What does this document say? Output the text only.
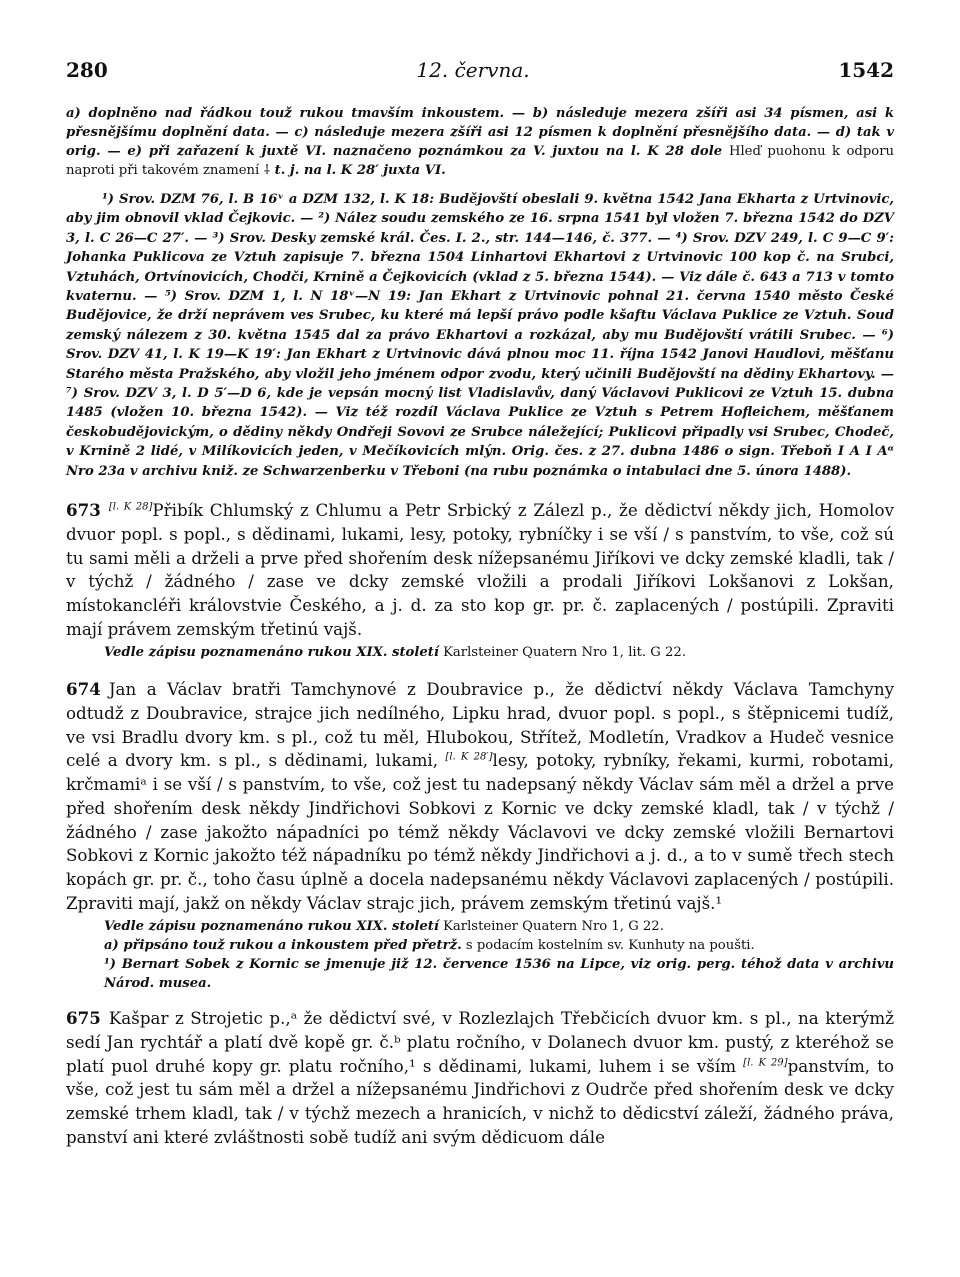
280	12. června.	1542

a) doplněno nad řádkou touž rukou tmavším inkoustem. — b) následuje mezera zšíři asi 34 písmen, asi k přesnějšímu doplnění data. — c) následuje mezera zšíři asi 12 písmen k doplnění přesnějšího data. — d) tak v orig. — e) při zařazení k juxtě VI. naznačeno poznámkou za V. juxtou na l. K 28 dole Hleď puohonu k odporu naproti při takovém znamení ⸸ t. j. na l. K 28′ juxta VI.

¹) Srov. DZM 76, l. B 16ᵛ a DZM 132, l. K 18: Budějovští obeslali 9. května 1542 Jana Ekharta z Urtvinovic, aby jim obnovil vklad Čejkovic. — ²) Nález soudu zemského ze 16. srpna 1541 byl vložen 7. března 1542 do DZV 3, l. C 26—C 27′. — ³) Srov. Desky zemské král. Čes. I. 2., str. 144—146, č. 377. — ⁴) Srov. DZV 249, l. C 9—C 9′: Johanka Puklicova ze Vztuh zapisuje 7. března 1504 Linhartovi Ekhartovi z Urtvinovic 100 kop č. na Srubci, Vztuhách, Ortvínovicích, Chodči, Krnině a Čejkovicích (vklad z 5. března 1544). — Viz dále č. 643 a 713 v tomto kvaternu. — ⁵) Srov. DZM 1, l. N 18ᵛ—N 19: Jan Ekhart z Urtvinovic pohnal 21. června 1540 město České Budějovice, že drží neprávem ves Srubec, ku které má lepší právo podle kšaftu Václava Puklice ze Vztuh. Soud zemský nálezem z 30. května 1545 dal za právo Ekhartovi a rozkázal, aby mu Budějovští vrátili Srubec. — ⁶) Srov. DZV 41, l. K 19—K 19′: Jan Ekhart z Urtvinovic dává plnou moc 11. října 1542 Janovi Haudlovi, měšťanu Starého města Pražského, aby vložil jeho jménem odpor zvodu, který učinili Budějovští na dědiny Ekhartovy. — ⁷) Srov. DZV 3, l. D 5′—D 6, kde je vepsán mocný list Vladislavův, daný Václavovi Puklicovi ze Vztuh 15. dubna 1485 (vložen 10. března 1542). — Viz též rozdíl Václava Puklice ze Vztuh s Petrem Hofleichem, měšťanem českobudějovickým, o dědiny někdy Ondřeji Sovovi ze Srubce náležející; Puklicovi připadly vsi Srubec, Chodeč, v Krnině 2 lidé, v Milíkovicích jeden, v Mečíkovicích mlýn. Orig. čes. z 27. dubna 1486 o sign. Třeboň I A I Aᵅ Nro 23a v archivu kniž. ze Schwarzenberku v Třeboni (na rubu poznámka o intabulaci dne 5. února 1488).

673 [l. K 28]Přibík Chlumský z Chlumu a Petr Srbický z Zálezl p., že dědictví někdy jich, Homolov dvuor popl. s popl., s dědinami, lukami, lesy, potoky, rybníčky i se vší / s panstvím, to vše, což sú tu sami měli a drželi a prve před shořením desk nížepsanému Jiříkovi ve dcky zemské kladli, tak / v týchž / žádného / zase ve dcky zemské vložili a prodali Jiříkovi Lokšanovi z Lokšan, místokancléři královstvie Českého, a j. d. za sto kop gr. pr. č. zaplacených / postúpili. Zpraviti mají právem zemským třetinú vajš.

Vedle zápisu poznamenáno rukou XIX. století Karlsteiner Quatern Nro 1, lit. G 22.

674 Jan a Václav bratři Tamchynové z Doubravice p., že dědictví někdy Václava Tamchyny odtudž z Doubravice, strajce jich nedílného, Lipku hrad, dvuor popl. s popl., s štěpnicemi tudíž, ve vsi Bradlu dvory km. s pl., což tu měl, Hlubokou, Střítež, Modletín, Vradkov a Hudeč vesnice celé a dvory km. s pl., s dědinami, lukami, [l. K 28′]lesy, potoky, rybníky, řekami, kurmi, robotami, krčmamiᵃ i se vší / s panstvím, to vše, což jest tu nadepsaný někdy Václav sám měl a držel a prve před shořením desk někdy Jindřichovi Sobkovi z Kornic ve dcky zemské kladl, tak / v týchž / žádného / zase jakožto nápadníci po témž někdy Václavovi ve dcky zemské vložili Bernartovi Sobkovi z Kornic jakožto též nápadníku po témž někdy Jindřichovi a j. d., a to v sumě třech stech kopách gr. pr. č., toho času úplně a docela nadepsanému někdy Václavovi zaplacených / postúpili. Zpraviti mají, jakž on někdy Václav strajc jich, právem zemským třetinú vajš.¹

Vedle zápisu poznamenáno rukou XIX. století Karlsteiner Quatern Nro 1, G 22.

a) připsáno touž rukou a inkoustem před přetrž. s podacím kostelním sv. Kunhuty na poušti.

¹) Bernart Sobek z Kornic se jmenuje již 12. července 1536 na Lipce, viz orig. perg. téhož data v archivu Národ. musea.

675 Kašpar z Strojetic p.,ᵃ že dědictví své, v Rozlezlajch Třebčicích dvuor km. s pl., na kterýmž sedí Jan rychtář a platí dvě kopě gr. č.ᵇ platu ročního, v Dolanech dvuor km. pustý, z kteréhož se platí puol druhé kopy gr. platu ročního,¹ s dědinami, lukami, luhem i se vším [l. K 29]panstvím, to vše, což jest tu sám měl a držel a nížepsanému Jindřichovi z Oudrče před shořením desk ve dcky zemské trhem kladl, tak / v týchž mezech a hranicích, v nichž to dědicství záleží, žádného práva, panství ani které zvláštnosti sobě tudíž ani svým dědicuom dále
